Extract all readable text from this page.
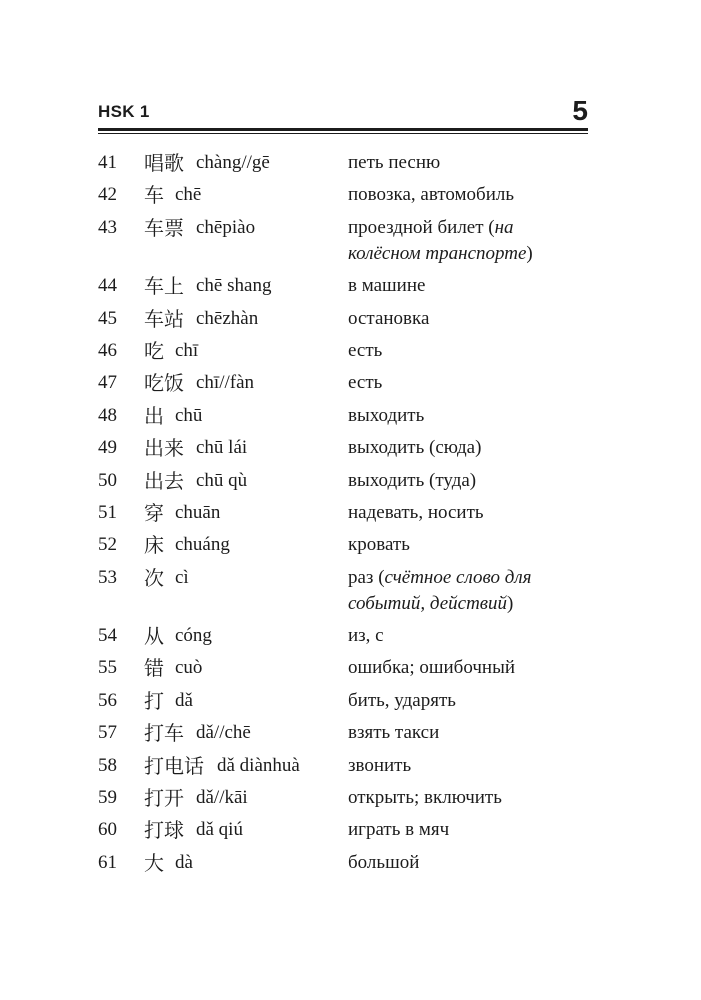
HSK 1	5
41	唱歌 chàng//gē	петь песню
42	车 chē	повозка, автомобиль
43	车票 chēpiào	проездной билет (на колёсном транспорте)
44	车上 chē shang	в машине
45	车站 chēzhàn	остановка
46	吃 chī	есть
47	吃饭 chī//fàn	есть
48	出 chū	выходить
49	出来 chū lái	выходить (сюда)
50	出去 chū qù	выходить (туда)
51	穿 chuān	надевать, носить
52	床 chuáng	кровать
53	次 cì	раз (счётное слово для событий, действий)
54	从 cóng	из, с
55	错 cuò	ошибка; ошибочный
56	打 dǎ	бить, ударять
57	打车 dǎ//chē	взять такси
58	打电话 dǎ diànhuà	звонить
59	打开 dǎ//kāi	открыть; включить
60	打球 dǎ qiú	играть в мяч
61	大 dà	большой
